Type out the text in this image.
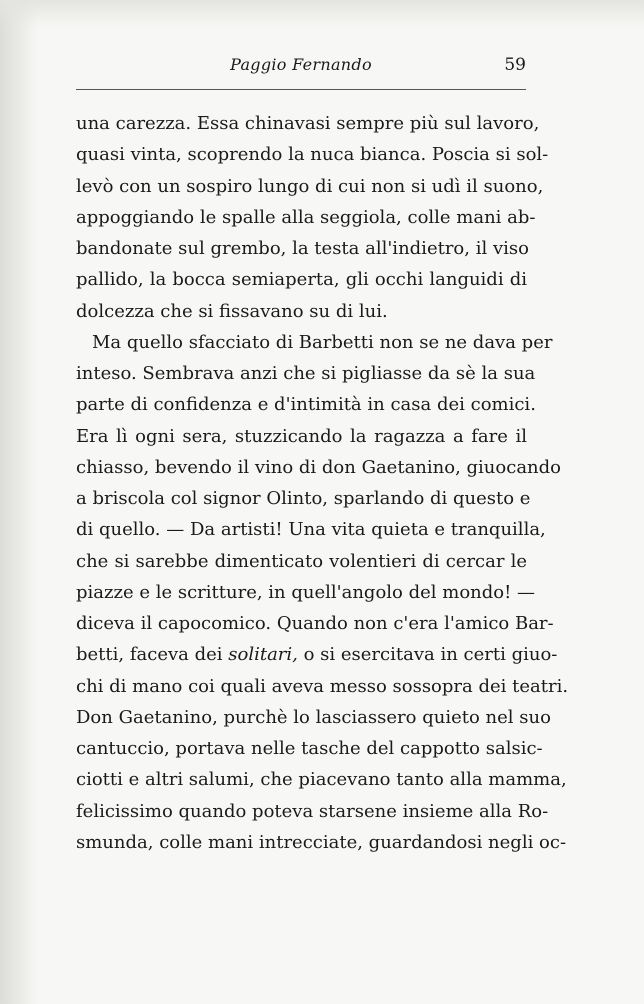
Paggio Fernando	59
una carezza. Essa chinavasi sempre più sul lavoro,
quasi vinta, scoprendo la nuca bianca. Poscia si sol-
levò con un sospiro lungo di cui non si udì il suono,
appoggiando le spalle alla seggiola, colle mani ab-
bandonate sul grembo, la testa all'indietro, il viso
pallido, la bocca semiaperta, gli occhi languidi di
dolcezza che si fissavano su di lui.
Ma quello sfacciato di Barbetti non se ne dava per
inteso. Sembrava anzi che si pigliasse da sè la sua
parte di confidenza e d'intimità in casa dei comici.
Era lì ogni sera, stuzzicando la ragazza a fare il
chiasso, bevendo il vino di don Gaetanino, giuocando
a briscola col signor Olinto, sparlando di questo e
di quello. — Da artisti! Una vita quieta e tranquilla,
che si sarebbe dimenticato volentieri di cercar le
piazze e le scritture, in quell'angolo del mondo! —
diceva il capocomico. Quando non c'era l'amico Bar-
betti, faceva dei solitari, o si esercitava in certi giuo-
chi di mano coi quali aveva messo sossopra dei teatri.
Don Gaetanino, purchè lo lasciassero quieto nel suo
cantuccio, portava nelle tasche del cappotto salsic-
ciotti e altri salumi, che piacevano tanto alla mamma,
felicissimo quando poteva starsene insieme alla Ro-
smunda, colle mani intrecciate, guardandosi negli oc-
